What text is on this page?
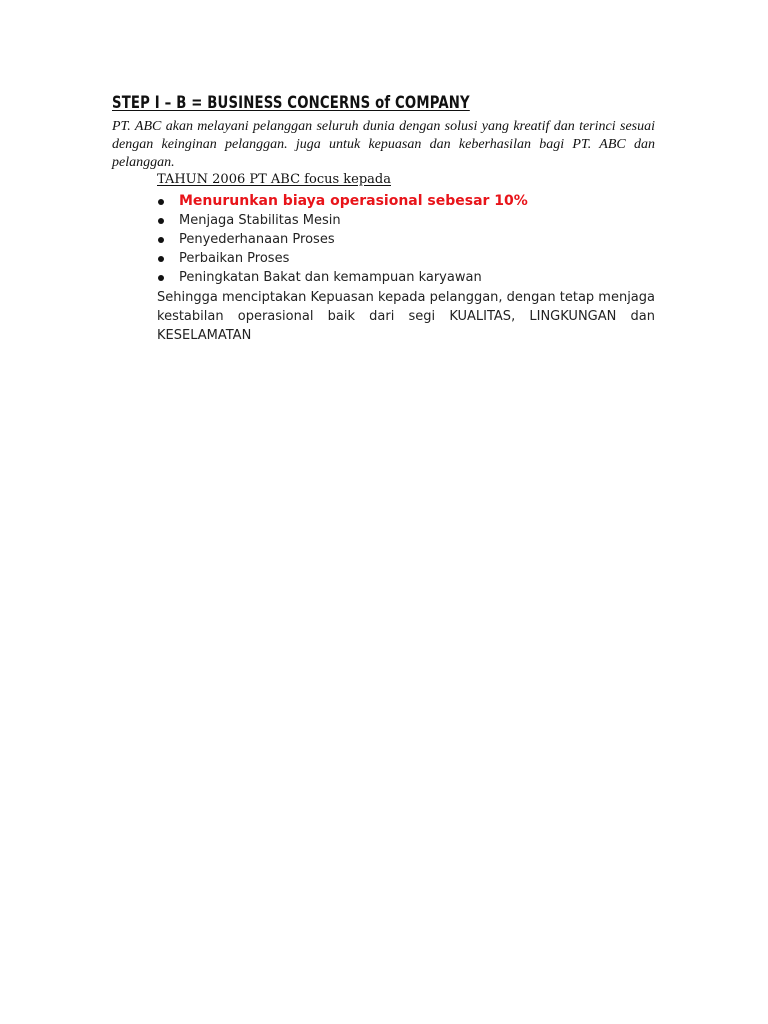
STEP I – B = BUSINESS CONCERNS of COMPANY

PT. ABC akan melayani pelanggan seluruh dunia dengan solusi yang kreatif dan terinci sesuai dengan keinginan pelanggan. juga untuk kepuasan dan keberhasilan bagi PT. ABC dan pelanggan.

TAHUN 2006 PT ABC focus kepada

Menurunkan biaya operasional sebesar 10%
Menjaga Stabilitas Mesin
Penyederhanaan Proses
Perbaikan Proses
Peningkatan Bakat dan kemampuan karyawan

Sehingga menciptakan Kepuasan kepada pelanggan, dengan tetap menjaga kestabilan operasional baik dari segi KUALITAS, LINGKUNGAN dan KESELAMATAN
